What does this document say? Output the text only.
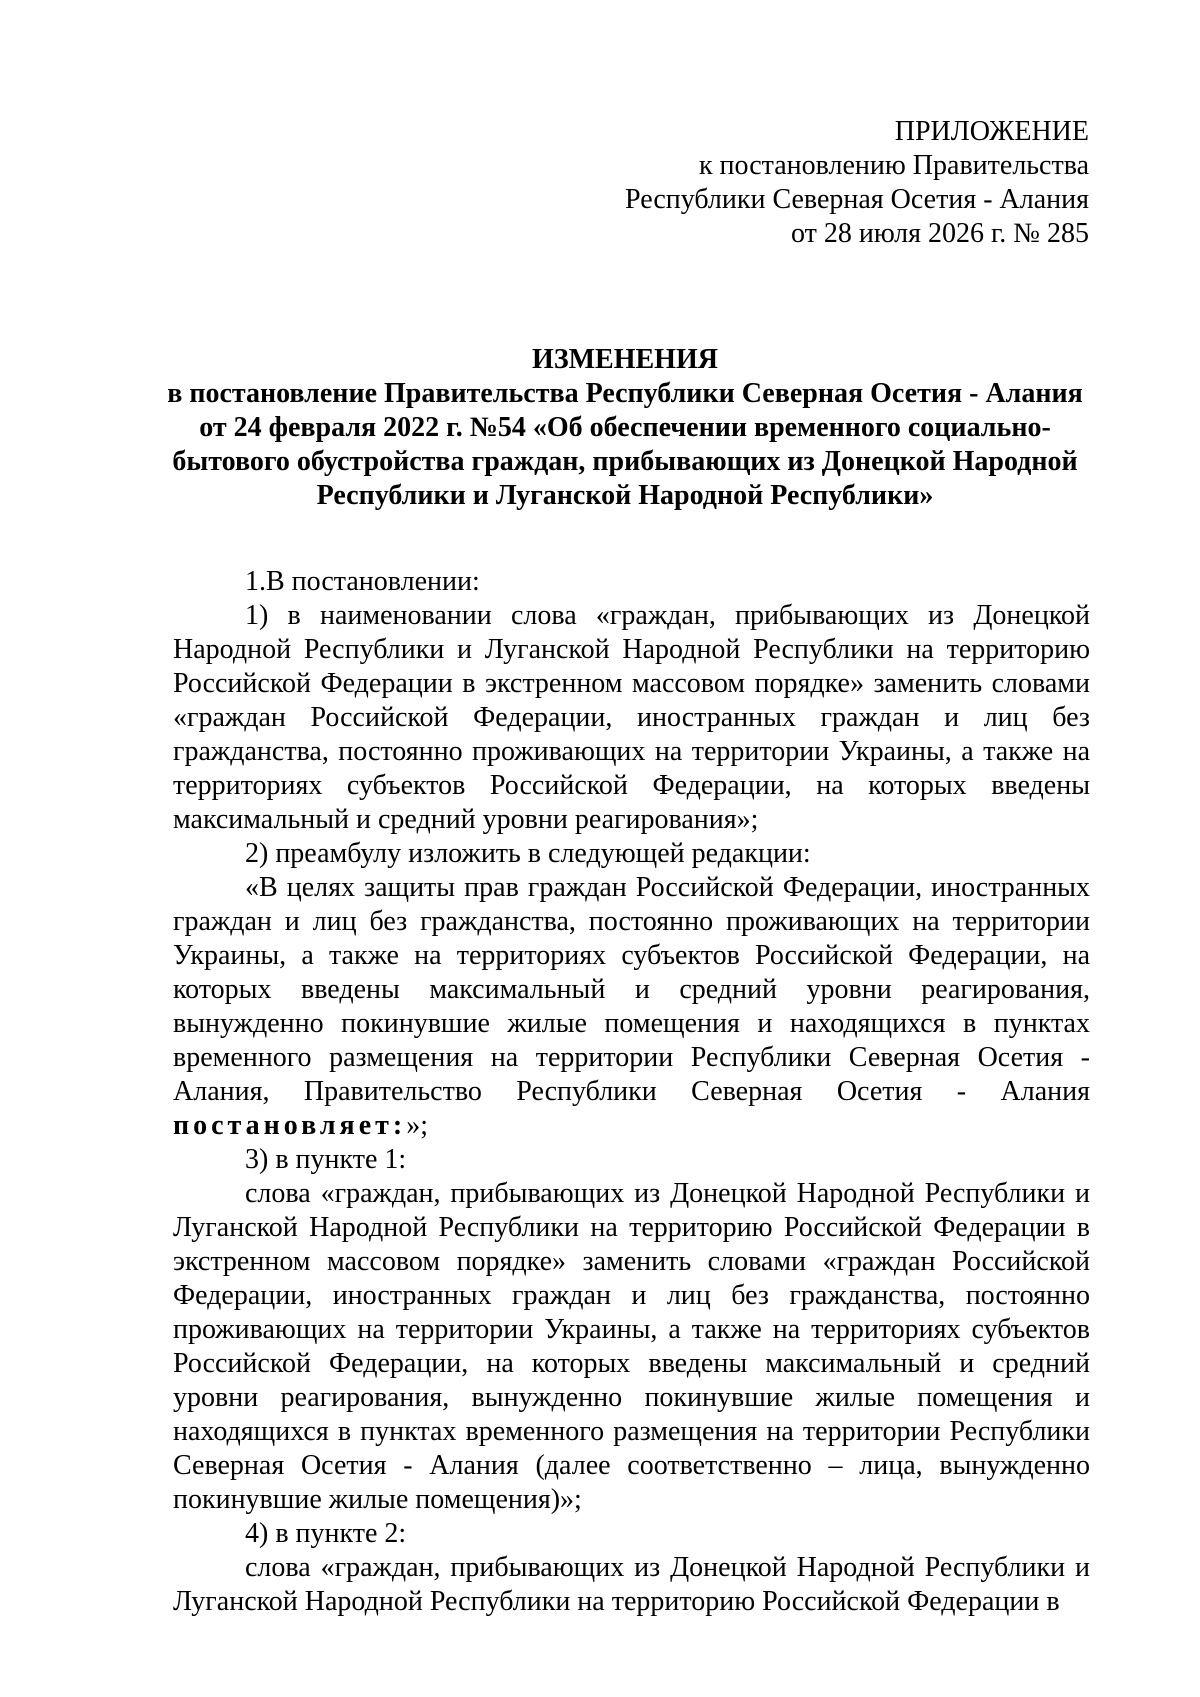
ПРИЛОЖЕНИЕ
к постановлению Правительства
Республики Северная Осетия - Алания
от 28 июля 2026 г. № 285
ИЗМЕНЕНИЯ
в постановление Правительства Республики Северная Осетия - Алания от 24 февраля 2022 г. №54 «Об обеспечении временного социально-бытового обустройства граждан, прибывающих из Донецкой Народной Республики и Луганской Народной Республики»

1.В постановлении:

1) в наименовании слова «граждан, прибывающих из Донецкой Народной Республики и Луганской Народной Республики на территорию Российской Федерации в экстренном массовом порядке» заменить словами «граждан Российской Федерации, иностранных граждан и лиц без гражданства, постоянно проживающих на территории Украины, а также на территориях субъектов Российской Федерации, на которых введены максимальный и средний уровни реагирования»;

2) преамбулу изложить в следующей редакции:

«В целях защиты прав граждан Российской Федерации, иностранных граждан и лиц без гражданства, постоянно проживающих на территории Украины, а также на территориях субъектов Российской Федерации, на которых введены максимальный и средний уровни реагирования, вынужденно покинувшие жилые помещения и находящихся в пунктах временного размещения на территории Республики Северная Осетия - Алания, Правительство Республики Северная Осетия - Алания постановляет:»;

3) в пункте 1:

слова «граждан, прибывающих из Донецкой Народной Республики и Луганской Народной Республики на территорию Российской Федерации в экстренном массовом порядке» заменить словами «граждан Российской Федерации, иностранных граждан и лиц без гражданства, постоянно проживающих на территории Украины, а также на территориях субъектов Российской Федерации, на которых введены максимальный и средний уровни реагирования, вынужденно покинувшие жилые помещения и находящихся в пунктах временного размещения на территории Республики Северная Осетия - Алания (далее соответственно – лица, вынужденно покинувшие жилые помещения)»;

4) в пункте 2:

слова «граждан, прибывающих из Донецкой Народной Республики и Луганской Народной Республики на территорию Российской Федерации в
